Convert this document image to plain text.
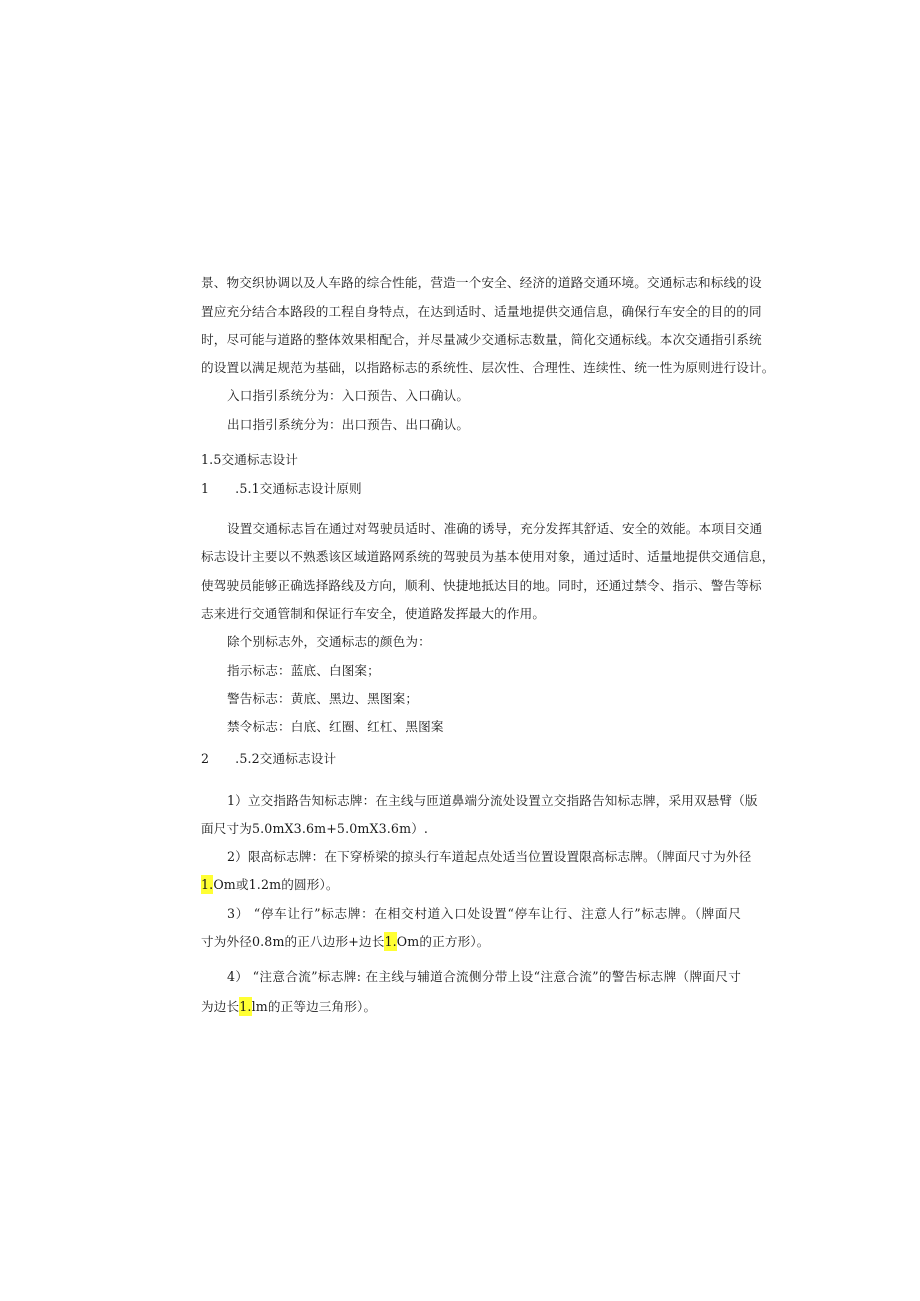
景、物交织协调以及人车路的综合性能，营造一个安全、经济的道路交通环境。交通标志和标线的设
置应充分结合本路段的工程自身特点，在达到适时、适量地提供交通信息，确保行车安全的目的的同
时，尽可能与道路的整体效果相配合，并尽量减少交通标志数量，简化交通标线。本次交通指引系统
的设置以满足规范为基础，以指路标志的系统性、层次性、合理性、连续性、统一性为原则进行设计。
入口指引系统分为：入口预告、入口确认。
出口指引系统分为：出口预告、出口确认。
1.5交通标志设计
1 .5.1交通标志设计原则
设置交通标志旨在通过对驾驶员适时、准确的诱导，充分发挥其舒适、安全的效能。本项目交通
标志设计主要以不熟悉该区域道路网系统的驾驶员为基本使用对象，通过适时、适量地提供交通信息，
使驾驶员能够正确选择路线及方向，顺利、快捷地抵达目的地。同时，还通过禁令、指示、警告等标
志来进行交通管制和保证行车安全，使道路发挥最大的作用。
除个别标志外，交通标志的颜色为：
指示标志：蓝底、白图案；
警告标志：黄底、黑边、黑图案；
禁令标志：白底、红圈、红杠、黑图案
2 .5.2交通标志设计
1）立交指路告知标志牌：在主线与匝道鼻端分流处设置立交指路告知标志牌，采用双悬臂（版
面尺寸为5.0mX3.6m+5.0mX3.6m）.
2）限高标志牌：在下穿桥梁的掠头行车道起点处适当位置设置限高标志牌。（牌面尺寸为外径
1.Om或1.2m的圆形）。
3） “停车让行”标志牌：在相交村道入口处设置“停车让行、注意人行”标志牌。（牌面尺
寸为外径0.8m的正八边形+边长1.Om的正方形）。
4） “注意合流”标志牌: 在主线与辅道合流侧分带上设“注意合流”的警告标志牌（牌面尺寸
为边长1.lm的正等边三角形）。
